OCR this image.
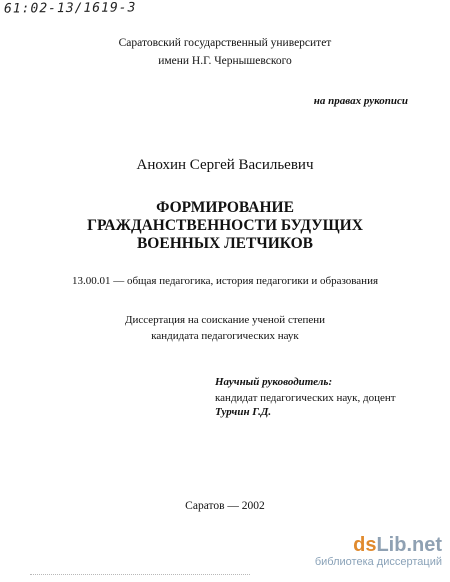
61:02-13/1619-3
Саратовский государственный университет
имени Н.Г. Чернышевского
на правах рукописи
Анохин Сергей Васильевич
ФОРМИРОВАНИЕ
ГРАЖДАНСТВЕННОСТИ БУДУЩИХ
ВОЕННЫХ ЛЕТЧИКОВ
13.00.01 — общая педагогика, история педагогики и образования
Диссертация на соискание ученой степени
кандидата педагогических наук
Научный руководитель:
кандидат педагогических наук, доцент
Турчин Г.Д.
Саратов — 2002
dsLib.net
библиотека диссертаций
